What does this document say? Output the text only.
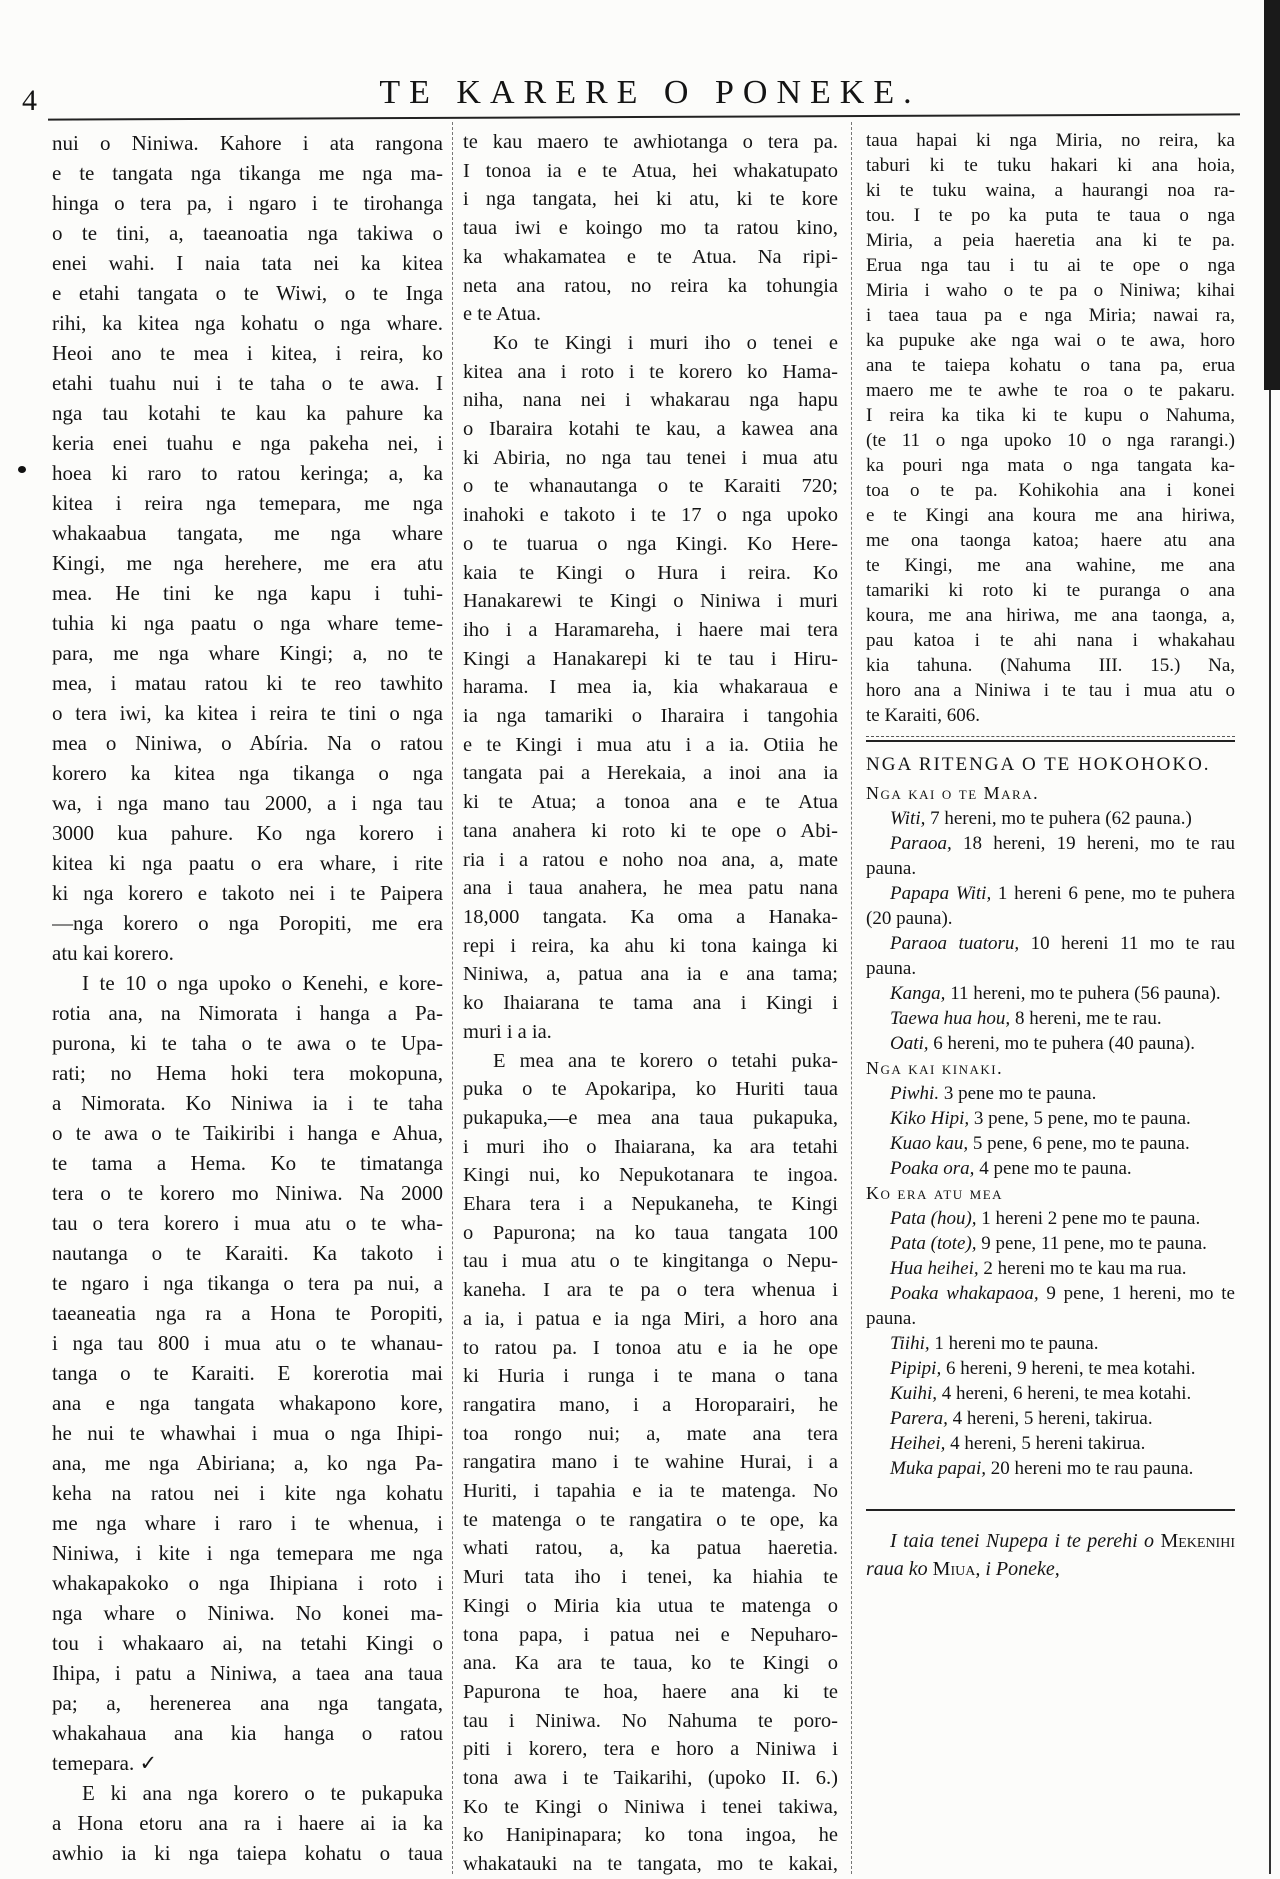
4	TE KARERE O PONEKE.
nui o Niniwa. Kahore i ata rangona
e te tangata nga tikanga me nga ma-
hinga o tera pa, i ngaro i te tirohanga
o te tini, a, taeanoatia nga takiwa o
enei wahi. I naia tata nei ka kitea
e etahi tangata o te Wiwi, o te Inga
rihi, ka kitea nga kohatu o nga whare.
Heoi ano te mea i kitea, i reira, ko
etahi tuahu nui i te taha o te awa. I
nga tau kotahi te kau ka pahure ka
keria enei tuahu e nga pakeha nei, i
hoea ki raro to ratou keringa; a, ka
kitea i reira nga temepara, me nga
whakaabua tangata, me nga whare
Kingi, me nga herehere, me era atu
mea. He tini ke nga kapu i tuhi-
tuhia ki nga paatu o nga whare teme-
para, me nga whare Kingi; a, no te
mea, i matau ratou ki te reo tawhito
o tera iwi, ka kitea i reira te tini o nga
mea o Niniwa, o Abíria. Na o ratou
korero ka kitea nga tikanga o nga
wa, i nga mano tau 2000, a i nga tau
3000 kua pahure. Ko nga korero i
kitea ki nga paatu o era whare, i rite
ki nga korero e takoto nei i te Paipera
—nga korero o nga Poropiti, me era
atu kai korero.
I te 10 o nga upoko o Kenehi, e kore-
rotia ana, na Nimorata i hanga a Pa-
purona, ki te taha o te awa o te Upa-
rati; no Hema hoki tera mokopuna,
a Nimorata. Ko Niniwa ia i te taha
o te awa o te Taikiribi i hanga e Ahua,
te tama a Hema. Ko te timatanga
tera o te korero mo Niniwa. Na 2000
tau o tera korero i mua atu o te wha-
nautanga o te Karaiti. Ka takoto i
te ngaro i nga tikanga o tera pa nui, a
taeaneatia nga ra a Hona te Poropiti,
i nga tau 800 i mua atu o te whanau-
tanga o te Karaiti. E korerotia mai
ana e nga tangata whakapono kore,
he nui te whawhai i mua o nga Ihipi-
ana, me nga Abiriana; a, ko nga Pa-
keha na ratou nei i kite nga kohatu
me nga whare i raro i te whenua, i
Niniwa, i kite i nga temepara me nga
whakapakoko o nga Ihipiana i roto i
nga whare o Niniwa. No konei ma-
tou i whakaaro ai, na tetahi Kingi o
Ihipa, i patu a Niniwa, a taea ana taua
pa; a, herenerea ana nga tangata,
whakahaua ana kia hanga o ratou
temepara. ✓
E ki ana nga korero o te pukapuka
a Hona etoru ana ra i haere ai ia ka
awhio ia ki nga taiepa kohatu o taua
te kau maero te awhiotanga o tera pa.
I tonoa ia e te Atua, hei whakatupato
i nga tangata, hei ki atu, ki te kore
taua iwi e koingo mo ta ratou kino,
ka whakamatea e te Atua. Na ripi-
neta ana ratou, no reira ka tohungia
e te Atua.
Ko te Kingi i muri iho o tenei e
kitea ana i roto i te korero ko Hama-
niha, nana nei i whakarau nga hapu
o Ibaraira kotahi te kau, a kawea ana
ki Abiria, no nga tau tenei i mua atu
o te whanautanga o te Karaiti 720;
inahoki e takoto i te 17 o nga upoko
o te tuarua o nga Kingi. Ko Here-
kaia te Kingi o Hura i reira. Ko
Hanakarewi te Kingi o Niniwa i muri
iho i a Haramareha, i haere mai tera
Kingi a Hanakarepi ki te tau i Hiru-
harama. I mea ia, kia whakaraua e
ia nga tamariki o Iharaira i tangohia
e te Kingi i mua atu i a ia. Otiia he
tangata pai a Herekaia, a inoi ana ia
ki te Atua; a tonoa ana e te Atua
tana anahera ki roto ki te ope o Abi-
ria i a ratou e noho noa ana, a, mate
ana i taua anahera, he mea patu nana
18,000 tangata. Ka oma a Hanaka-
repi i reira, ka ahu ki tona kainga ki
Niniwa, a, patua ana ia e ana tama;
ko Ihaiarana te tama ana i Kingi i
muri i a ia.
E mea ana te korero o tetahi puka-
puka o te Apokaripa, ko Huriti taua
pukapuka,—e mea ana taua pukapuka,
i muri iho o Ihaiarana, ka ara tetahi
Kingi nui, ko Nepukotanara te ingoa.
Ehara tera i a Nepukaneha, te Kingi
o Papurona; na ko taua tangata 100
tau i mua atu o te kingitanga o Nepu-
kaneha. I ara te pa o tera whenua i
a ia, i patua e ia nga Miri, a horo ana
to ratou pa. I tonoa atu e ia he ope
ki Huria i runga i te mana o tana
rangatira mano, i a Horoparairi, he
toa rongo nui; a, mate ana tera
rangatira mano i te wahine Hurai, i a
Huriti, i tapahia e ia te matenga. No
te matenga o te rangatira o te ope, ka
whati ratou, a, ka patua haeretia.
Muri tata iho i tenei, ka hiahia te
Kingi o Miria kia utua te matenga o
tona papa, i patua nei e Nepuharo-
ana. Ka ara te taua, ko te Kingi o
Papurona te hoa, haere ana ki te
tau i Niniwa. No Nahuma te poro-
piti i korero, tera e horo a Niniwa i
tona awa i te Taikarihi, (upoko II. 6.)
Ko te Kingi o Niniwa i tenei takiwa,
ko Hanipinapara; ko tona ingoa, he
whakatauki na te tangata, mo te kakai,
taua hapai ki nga Miria, no reira, ka
taburi ki te tuku hakari ki ana hoia,
ki te tuku waina, a haurangi noa ra-
tou. I te po ka puta te taua o nga
Miria, a peia haeretia ana ki te pa.
Erua nga tau i tu ai te ope o nga
Miria i waho o te pa o Niniwa; kihai
i taea taua pa e nga Miria; nawai ra,
ka pupuke ake nga wai o te awa, horo
ana te taiepa kohatu o tana pa, erua
maero me te awhe te roa o te pakaru.
I reira ka tika ki te kupu o Nahuma,
(te 11 o nga upoko 10 o nga rarangi.)
ka pouri nga mata o nga tangata ka-
toa o te pa. Kohikohia ana i konei
e te Kingi ana koura me ana hiriwa,
me ona taonga katoa; haere atu ana
te Kingi, me ana wahine, me ana
tamariki ki roto ki te puranga o ana
koura, me ana hiriwa, me ana taonga, a,
pau katoa i te ahi nana i whakahau
kia tahuna. (Nahuma III. 15.) Na,
horo ana a Niniwa i te tau i mua atu o
te Karaiti, 606.
NGA RITENGA O TE HOKOHOKO.
Nga kai o te Mara.
Witi, 7 hereni, mo te puhera (62 pauna.)
Paraoa, 18 hereni, 19 hereni, mo te rau pauna.
Papapa Witi, 1 hereni 6 pene, mo te puhera (20 pauna).
Paraoa tuatoru, 10 hereni 11 mo te rau pauna.
Kanga, 11 hereni, mo te puhera (56 pauna).
Taewa hua hou, 8 hereni, me te rau.
Oati, 6 hereni, mo te puhera (40 pauna).
Nga kai kinaki.
Piwhi. 3 pene mo te pauna.
Kiko Hipi, 3 pene, 5 pene, mo te pauna.
Kuao kau, 5 pene, 6 pene, mo te pauna.
Poaka ora, 4 pene mo te pauna.
Ko era atu mea
Pata (hou), 1 hereni 2 pene mo te pauna.
Pata (tote), 9 pene, 11 pene, mo te pauna.
Hua heihei, 2 hereni mo te kau ma rua.
Poaka whakapaoa, 9 pene, 1 hereni, mo te pauna.
Tiihi, 1 hereni mo te pauna.
Pipipi, 6 hereni, 9 hereni, te mea kotahi.
Kuihi, 4 hereni, 6 hereni, te mea kotahi.
Parera, 4 hereni, 5 hereni, takirua.
Heihei, 4 hereni, 5 hereni takirua.
Muka papai, 20 hereni mo te rau pauna.
I taia tenei Nupepa i te perehi o Mekenihi raua ko Miua, i Poneke,
